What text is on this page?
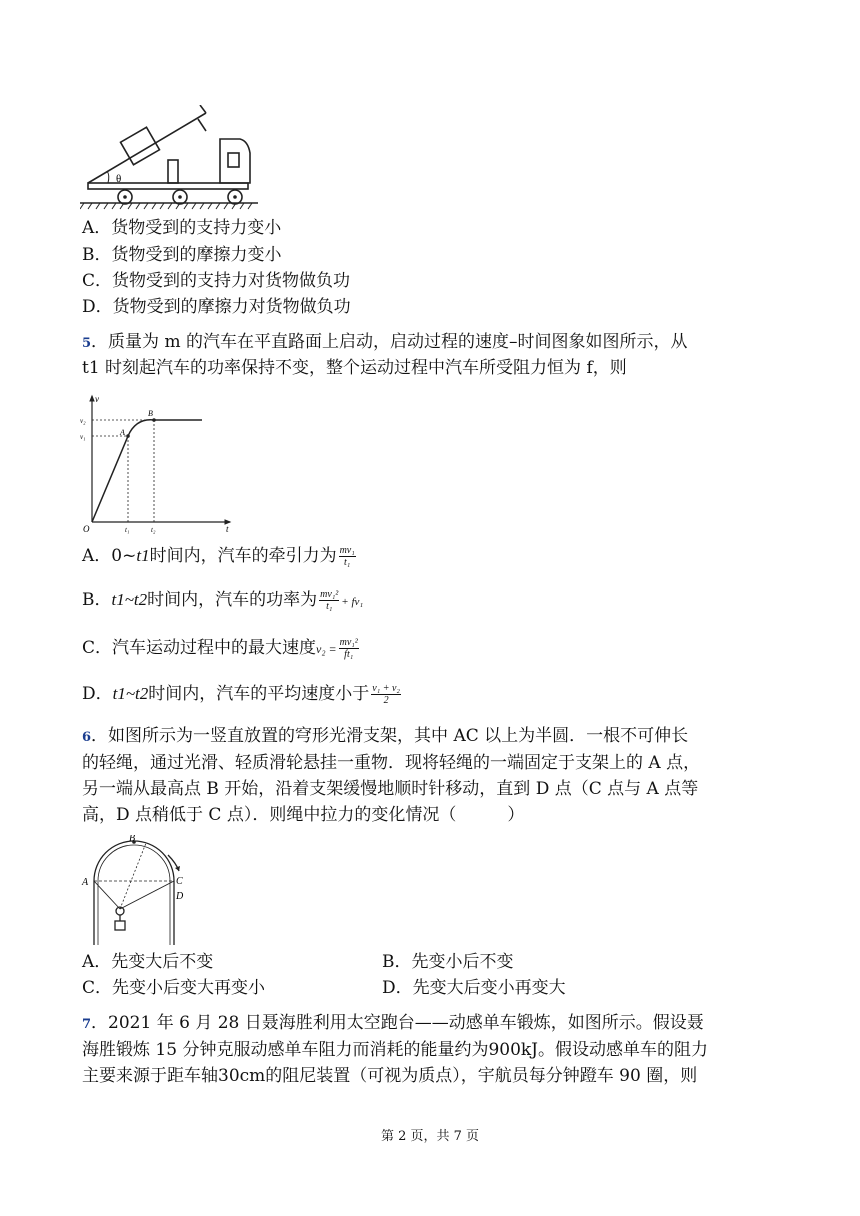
θ
A．货物受到的支持力变小
B．货物受到的摩擦力变小
C．货物受到的支持力对货物做负功
D．货物受到的摩擦力对货物做负功
5．质量为 m 的汽车在平直路面上启动，启动过程的速度–时间图象如图所示，从
t1 时刻起汽车的功率保持不变，整个运动过程中汽车所受阻力恒为 f，则
v
t
O
v₂
v₁
t₁	t₂
A
B
A．0~t1时间内，汽车的牵引力为 $\frac{\text{mv₁}}{\text{t₁}}$
B．t1~t2时间内，汽车的功率为 $\frac{\text{mv₁²}}{\text{t₁}} + fv_1$
C．汽车运动过程中的最大速度$v_2 = \frac{\text{mv₁²}}{\text{ft₁}}$
D．t1~t2时间内，汽车的平均速度小于 $\frac{\text{v₁ + v₂}}{2}$
6．如图所示为一竖直放置的穹形光滑支架，其中 AC 以上为半圆．一根不可伸长
的轻绳，通过光滑、轻质滑轮悬挂一重物．现将轻绳的一端固定于支架上的 A 点，
另一端从最高点 B 开始，沿着支架缓慢地顺时针移动，直到 D 点（C 点与 A 点等
高，D 点稍低于 C 点）．则绳中拉力的变化情况（　　　）
B
A	C
D
A．先变大后不变	B．先变小后不变
C．先变小后变大再变小	D．先变大后变小再变大
7．2021 年 6 月 28 日聂海胜利用太空跑台——动感单车锻炼，如图所示。假设聂
海胜锻炼 15 分钟克服动感单车阻力而消耗的能量约为900kJ。假设动感单车的阻力
主要来源于距车轴30cm的阻尼装置（可视为质点），宇航员每分钟蹬车 90 圈，则
第 2 页，共 7 页
